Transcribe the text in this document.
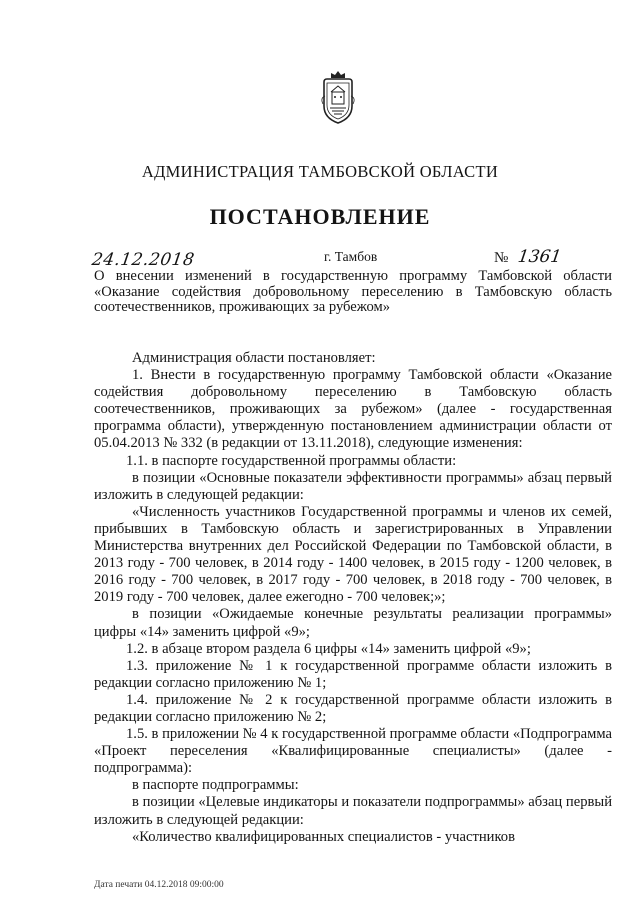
АДМИНИСТРАЦИЯ ТАМБОВСКОЙ ОБЛАСТИ
ПОСТАНОВЛЕНИЕ
24.12.2018	г. Тамбов	№ 1361
О внесении изменений в государственную программу Тамбовской области «Оказание содействия добровольному переселению в Тамбовскую область соотечественников, проживающих за рубежом»

Администрация области постановляет:

1. Внести в государственную программу Тамбовской области «Оказание содействия добровольному переселению в Тамбовскую область соотечественников, проживающих за рубежом» (далее - государственная программа области), утвержденную постановлением администрации области от 05.04.2013 № 332 (в редакции от 13.11.2018), следующие изменения:

1.1. в паспорте государственной программы области:

в позиции «Основные показатели эффективности программы» абзац первый изложить в следующей редакции:

«Численность участников Государственной программы и членов их семей, прибывших в Тамбовскую область и зарегистрированных в Управлении Министерства внутренних дел Российской Федерации по Тамбовской области, в 2013 году - 700 человек, в 2014 году - 1400 человек, в 2015 году - 1200 человек, в 2016 году - 700 человек, в 2017 году - 700 человек, в 2018 году - 700 человек, в 2019 году - 700 человек, далее ежегодно - 700 человек;»;

в позиции «Ожидаемые конечные результаты реализации программы» цифры «14» заменить цифрой «9»;

1.2. в абзаце втором раздела 6 цифры «14» заменить цифрой «9»;

1.3. приложение № 1 к государственной программе области изложить в редакции согласно приложению № 1;

1.4. приложение № 2 к государственной программе области изложить в редакции согласно приложению № 2;

1.5. в приложении № 4 к государственной программе области «Подпрограмма «Проект переселения «Квалифицированные специалисты» (далее - подпрограмма):

в паспорте подпрограммы:

в позиции «Целевые индикаторы и показатели подпрограммы» абзац первый изложить в следующей редакции:

«Количество квалифицированных специалистов - участников

Дата печати 04.12.2018 09:00:00
